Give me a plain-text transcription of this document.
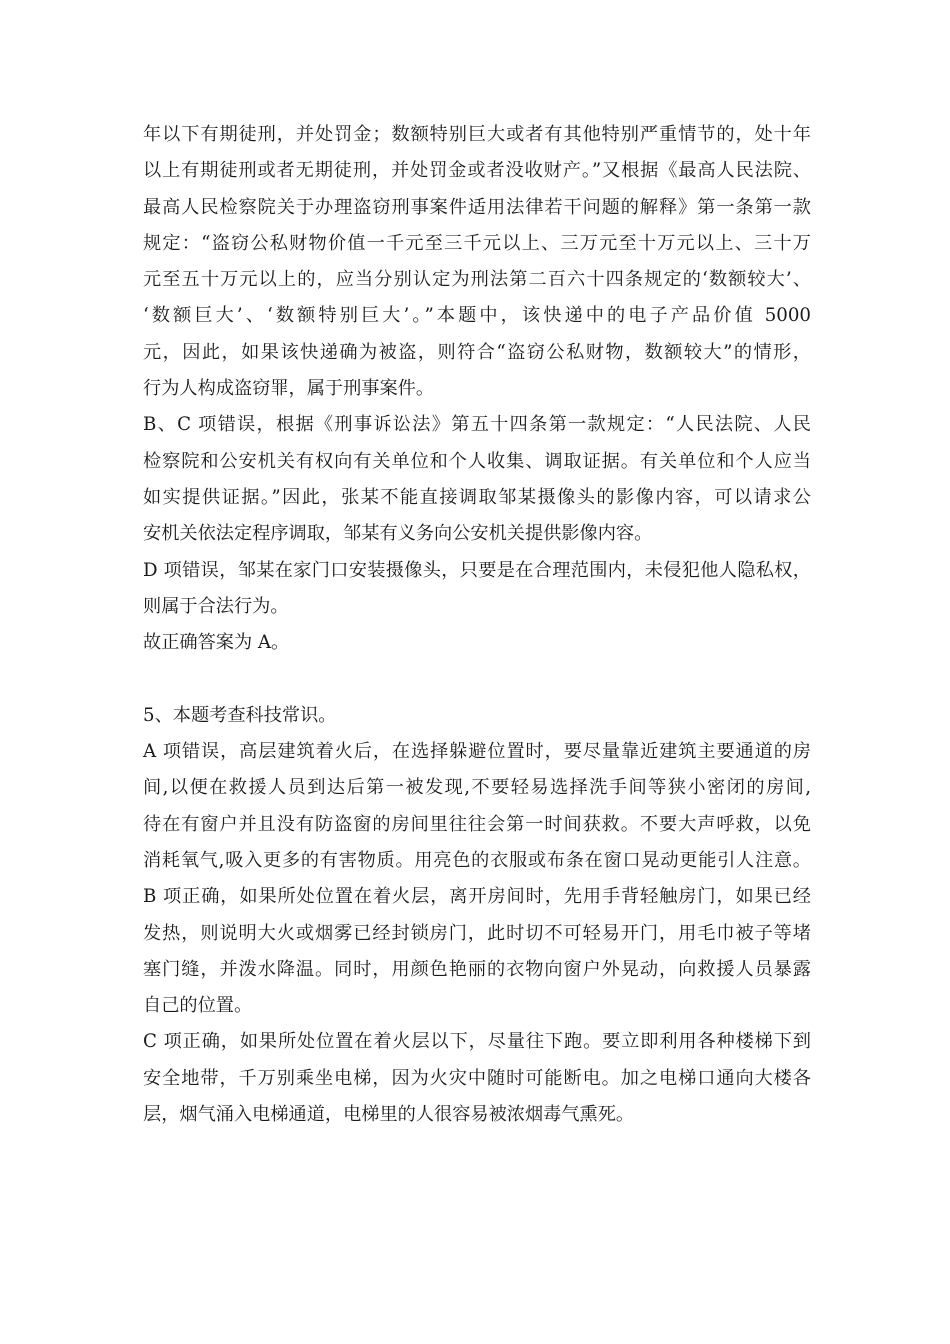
年以下有期徒刑，并处罚金；数额特别巨大或者有其他特别严重情节的，处十年
以上有期徒刑或者无期徒刑，并处罚金或者没收财产。”又根据《最高人民法院、
最高人民检察院关于办理盗窃刑事案件适用法律若干问题的解释》第一条第一款
规定：“盗窃公私财物价值一千元至三千元以上、三万元至十万元以上、三十万
元至五十万元以上的，应当分别认定为刑法第二百六十四条规定的‘数额较大’、
‘数额巨大’、‘数额特别巨大’。”本题中，该快递中的电子产品价值 5000
元，因此，如果该快递确为被盗，则符合“盗窃公私财物，数额较大”的情形，
行为人构成盗窃罪，属于刑事案件。
B、C 项错误，根据《刑事诉讼法》第五十四条第一款规定：“人民法院、人民
检察院和公安机关有权向有关单位和个人收集、调取证据。有关单位和个人应当
如实提供证据。”因此，张某不能直接调取邹某摄像头的影像内容，可以请求公
安机关依法定程序调取，邹某有义务向公安机关提供影像内容。
D 项错误，邹某在家门口安装摄像头，只要是在合理范围内，未侵犯他人隐私权，
则属于合法行为。
故正确答案为 A。
5、本题考查科技常识。
A 项错误，高层建筑着火后，在选择躲避位置时，要尽量靠近建筑主要通道的房
间,以便在救援人员到达后第一被发现,不要轻易选择洗手间等狭小密闭的房间,
待在有窗户并且没有防盗窗的房间里往往会第一时间获救。不要大声呼救，以免
消耗氧气,吸入更多的有害物质。用亮色的衣服或布条在窗口晃动更能引人注意。
B 项正确，如果所处位置在着火层，离开房间时，先用手背轻触房门，如果已经
发热，则说明大火或烟雾已经封锁房门，此时切不可轻易开门，用毛巾被子等堵
塞门缝，并泼水降温。同时，用颜色艳丽的衣物向窗户外晃动，向救援人员暴露
自己的位置。
C 项正确，如果所处位置在着火层以下，尽量往下跑。要立即利用各种楼梯下到
安全地带，千万别乘坐电梯，因为火灾中随时可能断电。加之电梯口通向大楼各
层，烟气涌入电梯通道，电梯里的人很容易被浓烟毒气熏死。
